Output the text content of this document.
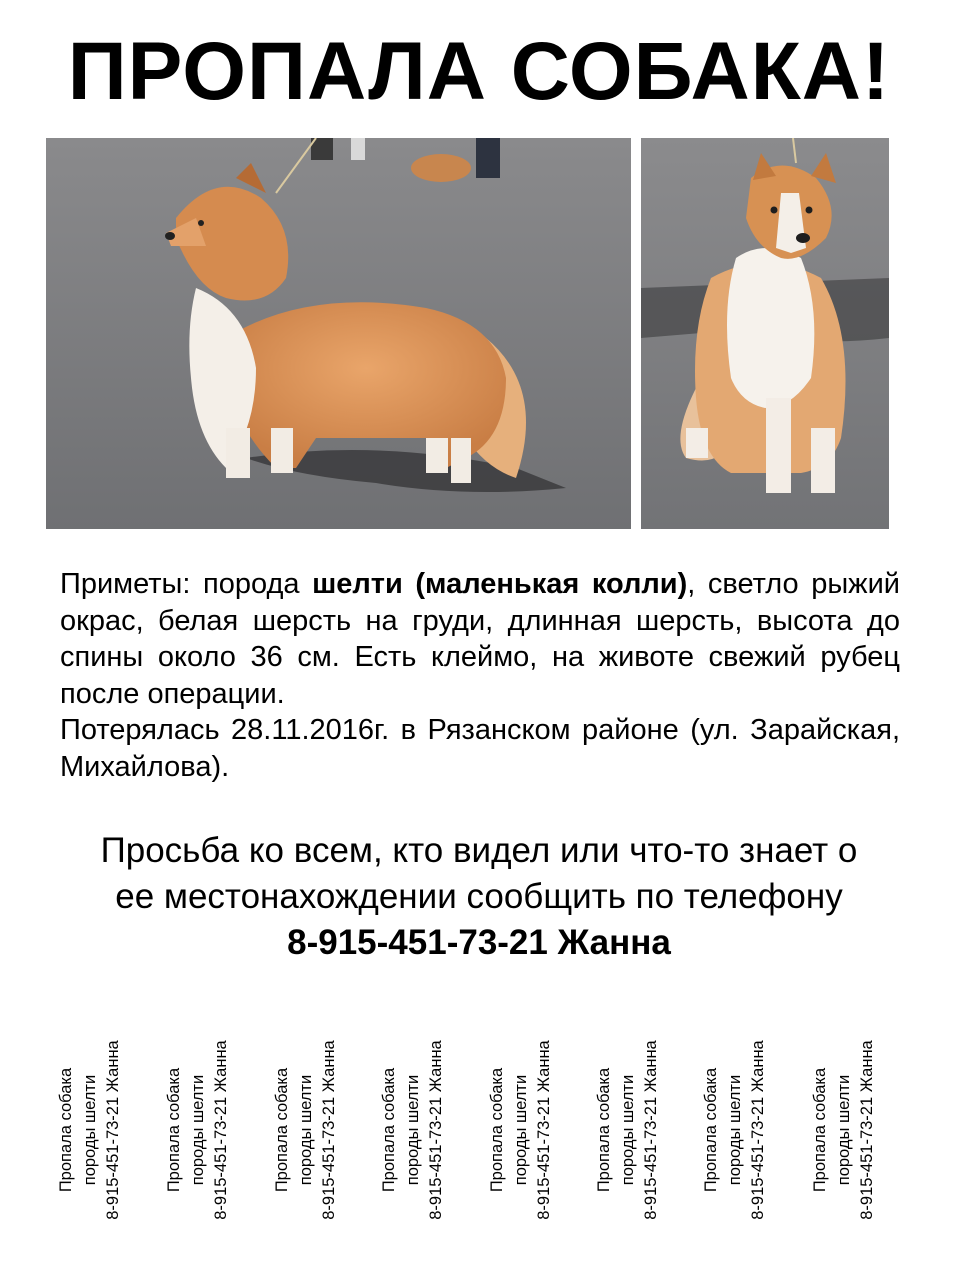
ПРОПАЛА СОБАКА!

Приметы: порода шелти (маленькая колли), светло рыжий окрас, белая шерсть на груди, длинная шерсть, высота до спины около 36 см. Есть клеймо, на животе свежий рубец после операции.

Потерялась 28.11.2016г. в Рязанском районе (ул. Зарайская, Михайлова).

Просьба ко всем, кто видел или что-то знает о
ее местонахождении сообщить по телефону
8-915-451-73-21 Жанна
Пропала собака породы шелти 8-915-451-73-21 Жанна	Пропала собака породы шелти 8-915-451-73-21 Жанна	Пропала собака породы шелти 8-915-451-73-21 Жанна	Пропала собака породы шелти 8-915-451-73-21 Жанна	Пропала собака породы шелти 8-915-451-73-21 Жанна	Пропала собака породы шелти 8-915-451-73-21 Жанна	Пропала собака породы шелти 8-915-451-73-21 Жанна	Пропала собака породы шелти 8-915-451-73-21 Жанна
